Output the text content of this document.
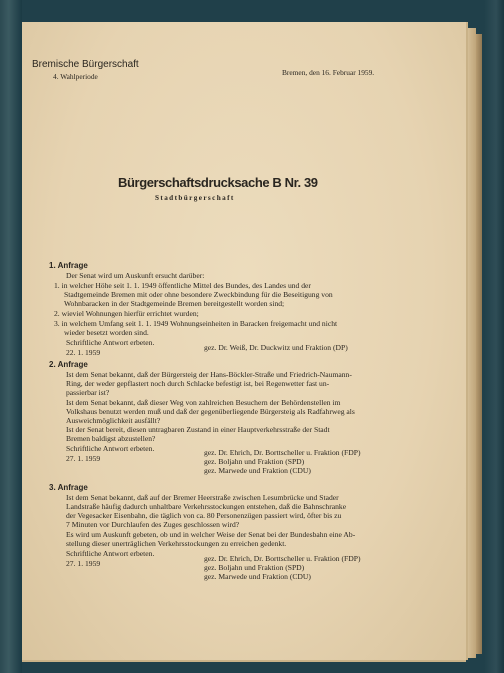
Bremische Bürgerschaft
4. Wahlperiode	Bremen, den 16. Februar 1959.
Bürgerschaftsdrucksache B Nr. 39
Stadtbürgerschaft
1. Anfrage
Der Senat wird um Auskunft ersucht darüber:
1. in welcher Höhe seit 1. 1. 1949 öffentliche Mittel des Bundes, des Landes und der
Stadtgemeinde Bremen mit oder ohne besondere Zweckbindung für die Beseitigung von
Wohnbaracken in der Stadtgemeinde Bremen bereitgestellt worden sind;
2. wieviel Wohnungen hierfür errichtet wurden;
3. in welchem Umfang seit 1. 1. 1949 Wohnungseinheiten in Baracken freigemacht und nicht
wieder besetzt worden sind.
Schriftliche Antwort erbeten.
22. 1. 1959
gez. Dr. Weiß, Dr. Duckwitz und Fraktion (DP)
2. Anfrage
Ist dem Senat bekannt, daß der Bürgersteig der Hans-Böckler-Straße und Friedrich-Naumann-
Ring, der weder gepflastert noch durch Schlacke befestigt ist, bei Regenwetter fast un-
passierbar ist?
Ist dem Senat bekannt, daß dieser Weg von zahlreichen Besuchern der Behördenstellen im
Volkshaus benutzt werden muß und daß der gegenüberliegende Bürgersteig als Radfahrweg als
Ausweichmöglichkeit ausfällt?
Ist der Senat bereit, diesen untragbaren Zustand in einer Hauptverkehrsstraße der Stadt
Bremen baldigst abzustellen?
Schriftliche Antwort erbeten.
27. 1. 1959
gez. Dr. Ehrich, Dr. Borttscheller u. Fraktion (FDP)
gez. Boljahn und Fraktion (SPD)
gez. Marwede und Fraktion (CDU)
3. Anfrage
Ist dem Senat bekannt, daß auf der Bremer Heerstraße zwischen Lesumbrücke und Stader
Landstraße häufig dadurch unhaltbare Verkehrsstockungen entstehen, daß die Bahnschranke
der Vegesacker Eisenbahn, die täglich von ca. 80 Personenzügen passiert wird, öfter bis zu
7 Minuten vor Durchlaufen des Zuges geschlossen wird?
Es wird um Auskunft gebeten, ob und in welcher Weise der Senat bei der Bundesbahn eine Ab-
stellung dieser unerträglichen Verkehrsstockungen zu erreichen gedenkt.
Schriftliche Antwort erbeten.
27. 1. 1959
gez. Dr. Ehrich, Dr. Borttscheller u. Fraktion (FDP)
gez. Boljahn und Fraktion (SPD)
gez. Marwede und Fraktion (CDU)
